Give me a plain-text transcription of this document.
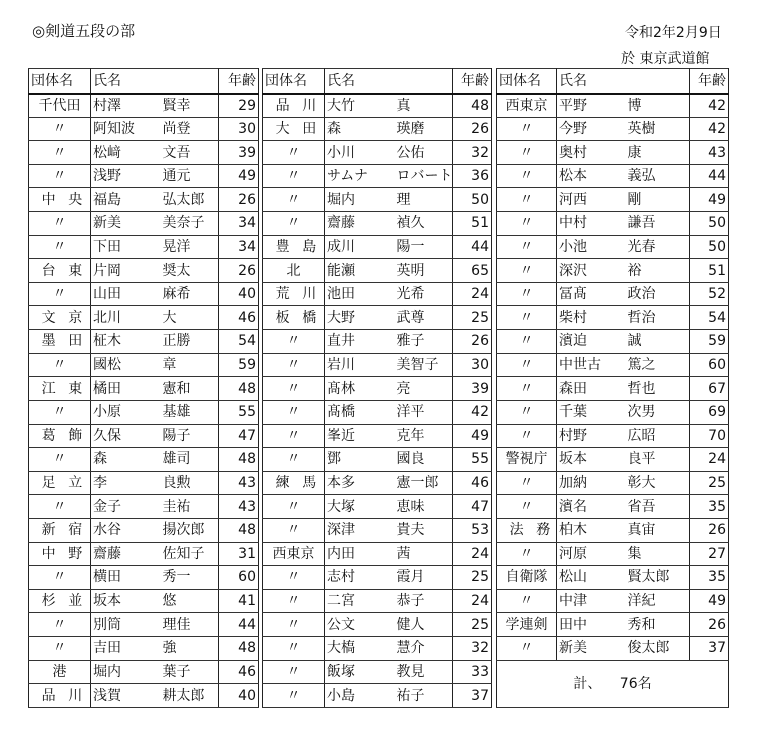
◎剣道五段の部	令和2年2月9日
於 東京武道館
団体名	氏名		年齢
千代田	村澤	賢幸	29
〃	阿知波	尚登	30
〃	松﨑	文吾	39
〃	浅野	通元	49
中央	福島	弘太郎	26
〃	新美	美奈子	34
〃	下田	晃洋	34
台東	片岡	奨太	26
〃	山田	麻希	40
文京	北川	大	46
墨田	柾木	正勝	54
〃	國松	章	59
江東	橘田	憲和	48
〃	小原	基雄	55
葛飾	久保	陽子	47
〃	森	雄司	48
足立	李	良勲	43
〃	金子	圭祐	43
新宿	水谷	揚次郎	48
中野	齋藤	佐知子	31
〃	横田	秀一	60
杉並	坂本	悠	41
〃	別筒	理佳	44
〃	吉田	強	48
港	堀内	葉子	46
品川	浅賀	耕太郎	40
団体名	氏名		年齢
品川	大竹	真	48
大田	森	瑛磨	26
〃	小川	公佑	32
〃	サムナ	ロバート	36
〃	堀内	理	50
〃	齋藤	禎久	51
豊島	成川	陽一	44
北	能瀬	英明	65
荒川	池田	光希	24
板橋	大野	武尊	25
〃	直井	雅子	26
〃	岩川	美智子	30
〃	髙林	亮	39
〃	髙橋	洋平	42
〃	峯近	克年	49
〃	鄧	國良	55
練馬	本多	憲一郎	46
〃	大塚	恵味	47
〃	深津	貴夫	53
西東京	内田	茜	24
〃	志村	霞月	25
〃	二宮	恭子	24
〃	公文	健人	25
〃	大槗	慧介	32
〃	飯塚	教見	33
〃	小島	祐子	37
団体名	氏名		年齢
西東京	平野	博	42
〃	今野	英樹	42
〃	奥村	康	43
〃	松本	義弘	44
〃	河西	剛	49
〃	中村	謙吾	50
〃	小池	光春	50
〃	深沢	裕	51
〃	冨髙	政治	52
〃	柴村	哲治	54
〃	濱迫	誠	59
〃	中世古	篤之	60
〃	森田	哲也	67
〃	千葉	次男	69
〃	村野	広昭	70
警視庁	坂本	良平	24
〃	加納	彰大	25
〃	濱名	省吾	35
法務	柏木	真宙	26
〃	河原	集	27
自衛隊	松山	賢太郎	35
〃	中津	洋紀	49
学連剣	田中	秀和	26
〃	新美	俊太郎	37
計、 76名			
